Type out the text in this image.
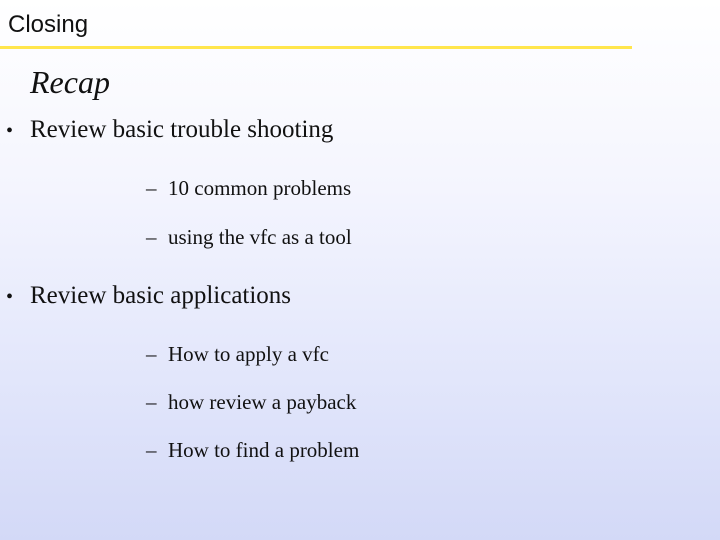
Closing
Recap
• Review basic trouble shooting
– 10 common problems
– using the vfc as a tool
• Review basic applications
– How to apply a vfc
– how review a payback
– How to find a problem
